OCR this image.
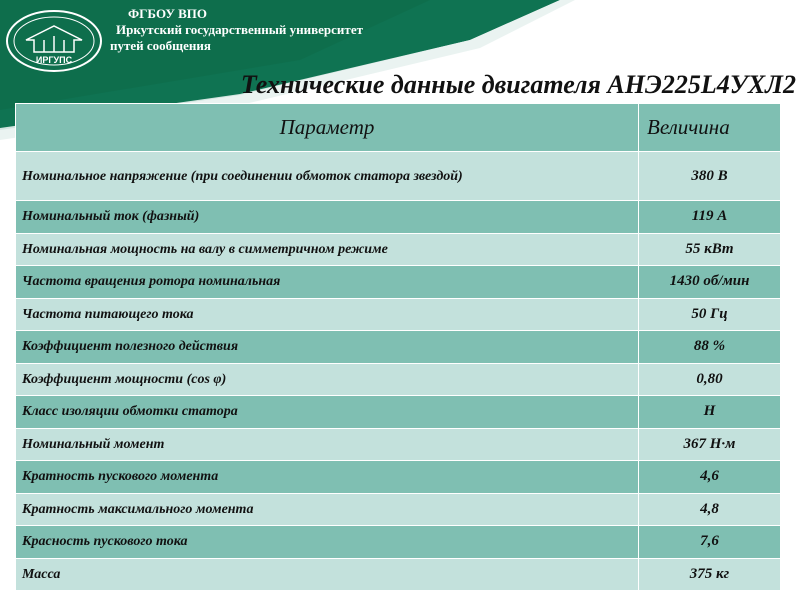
ИРГУПС
ФГБОУ ВПО
Иркутский государственный университет
путей сообщения
Технические данные двигателя АНЭ225L4УХЛ2
Параметр	Величина
Номинальное напряжение (при соединении обмоток статора звездой)	380 В
Номинальный ток (фазный)	119 А
Номинальная мощность на валу в симметричном режиме	55 кВт
Частота вращения ротора номинальная	1430 об/мин
Частота питающего тока	50 Гц
Коэффициент полезного действия	88 %
Коэффициент мощности (cos φ)	0,80
Класс изоляции обмотки статора	Н
Номинальный момент	367 Н·м
Кратность пускового момента	4,6
Кратность максимального момента	4,8
Красность пускового тока	7,6
Масса	375 кг
